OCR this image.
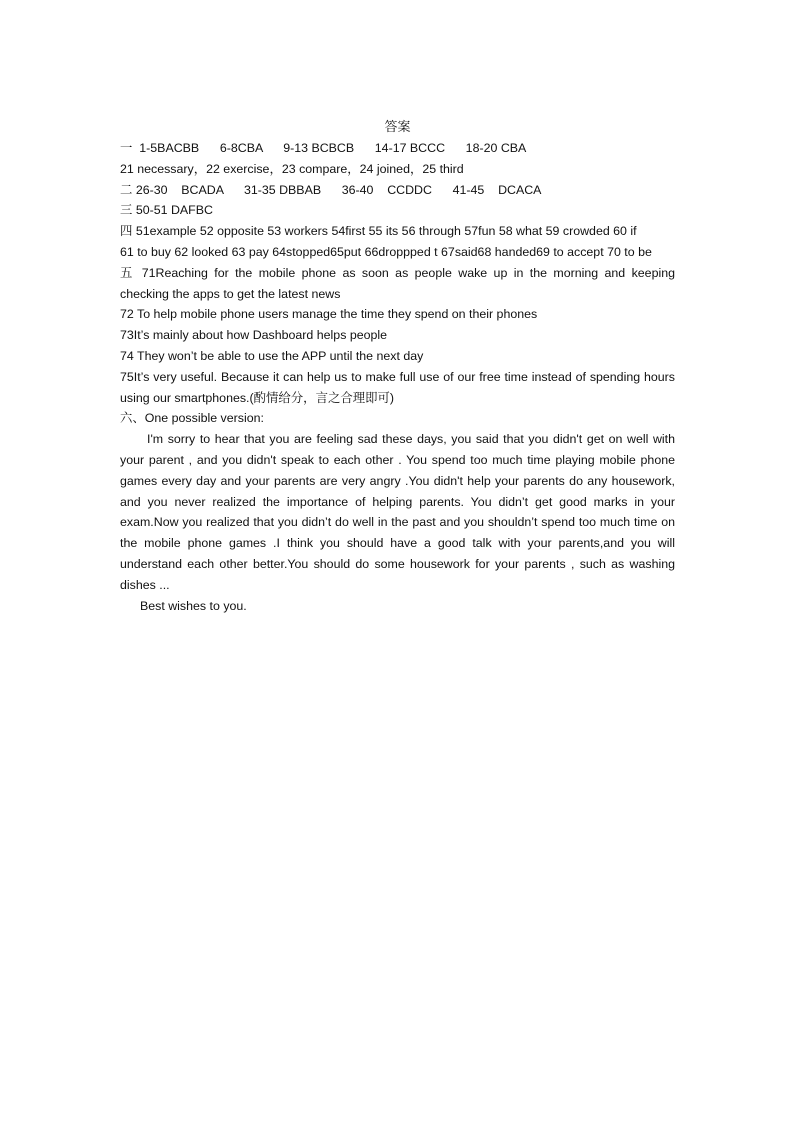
答案

一  1-5BACBB      6-8CBA      9-13 BCBCB      14-17 BCCC      18-20 CBA

21 necessary，22 exercise，23 compare，24 joined，25 third

二 26-30    BCADA      31-35 DBBAB      36-40    CCDDC      41-45    DCACA

三 50-51 DAFBC

四 51example 52 opposite 53 workers 54first 55 its 56 through 57fun 58 what 59 crowded 60 if

61 to buy 62 looked 63 pay 64stopped65put 66droppped t 67said68 handed69 to accept 70 to be

五 71Reaching for the mobile phone as soon as people wake up in the morning and keeping checking the apps to get the latest news

72 To help mobile phone users manage the time they spend on their phones

73It’s mainly about how Dashboard helps people

74 They won’t be able to use the APP until the next day

75It’s very useful. Because it can help us to make full use of our free time instead of spending hours using our smartphones.(酌情给分，言之合理即可)

六、One possible version:

I'm sorry to hear that you are feeling sad these days, you said that you didn't get on well with your parent , and you didn't speak to each other . You spend too much time playing mobile phone games every day and your parents are very angry .You didn't help your parents do any housework, and you never realized the importance of helping parents. You didn’t get good marks in your exam.Now you realized that you didn’t do well in the past and you shouldn’t spend too much time on the mobile phone games .I think you should have a good talk with your parents,and you will understand each other better.You should do some housework for your parents , such as washing dishes ...

Best wishes to you.
